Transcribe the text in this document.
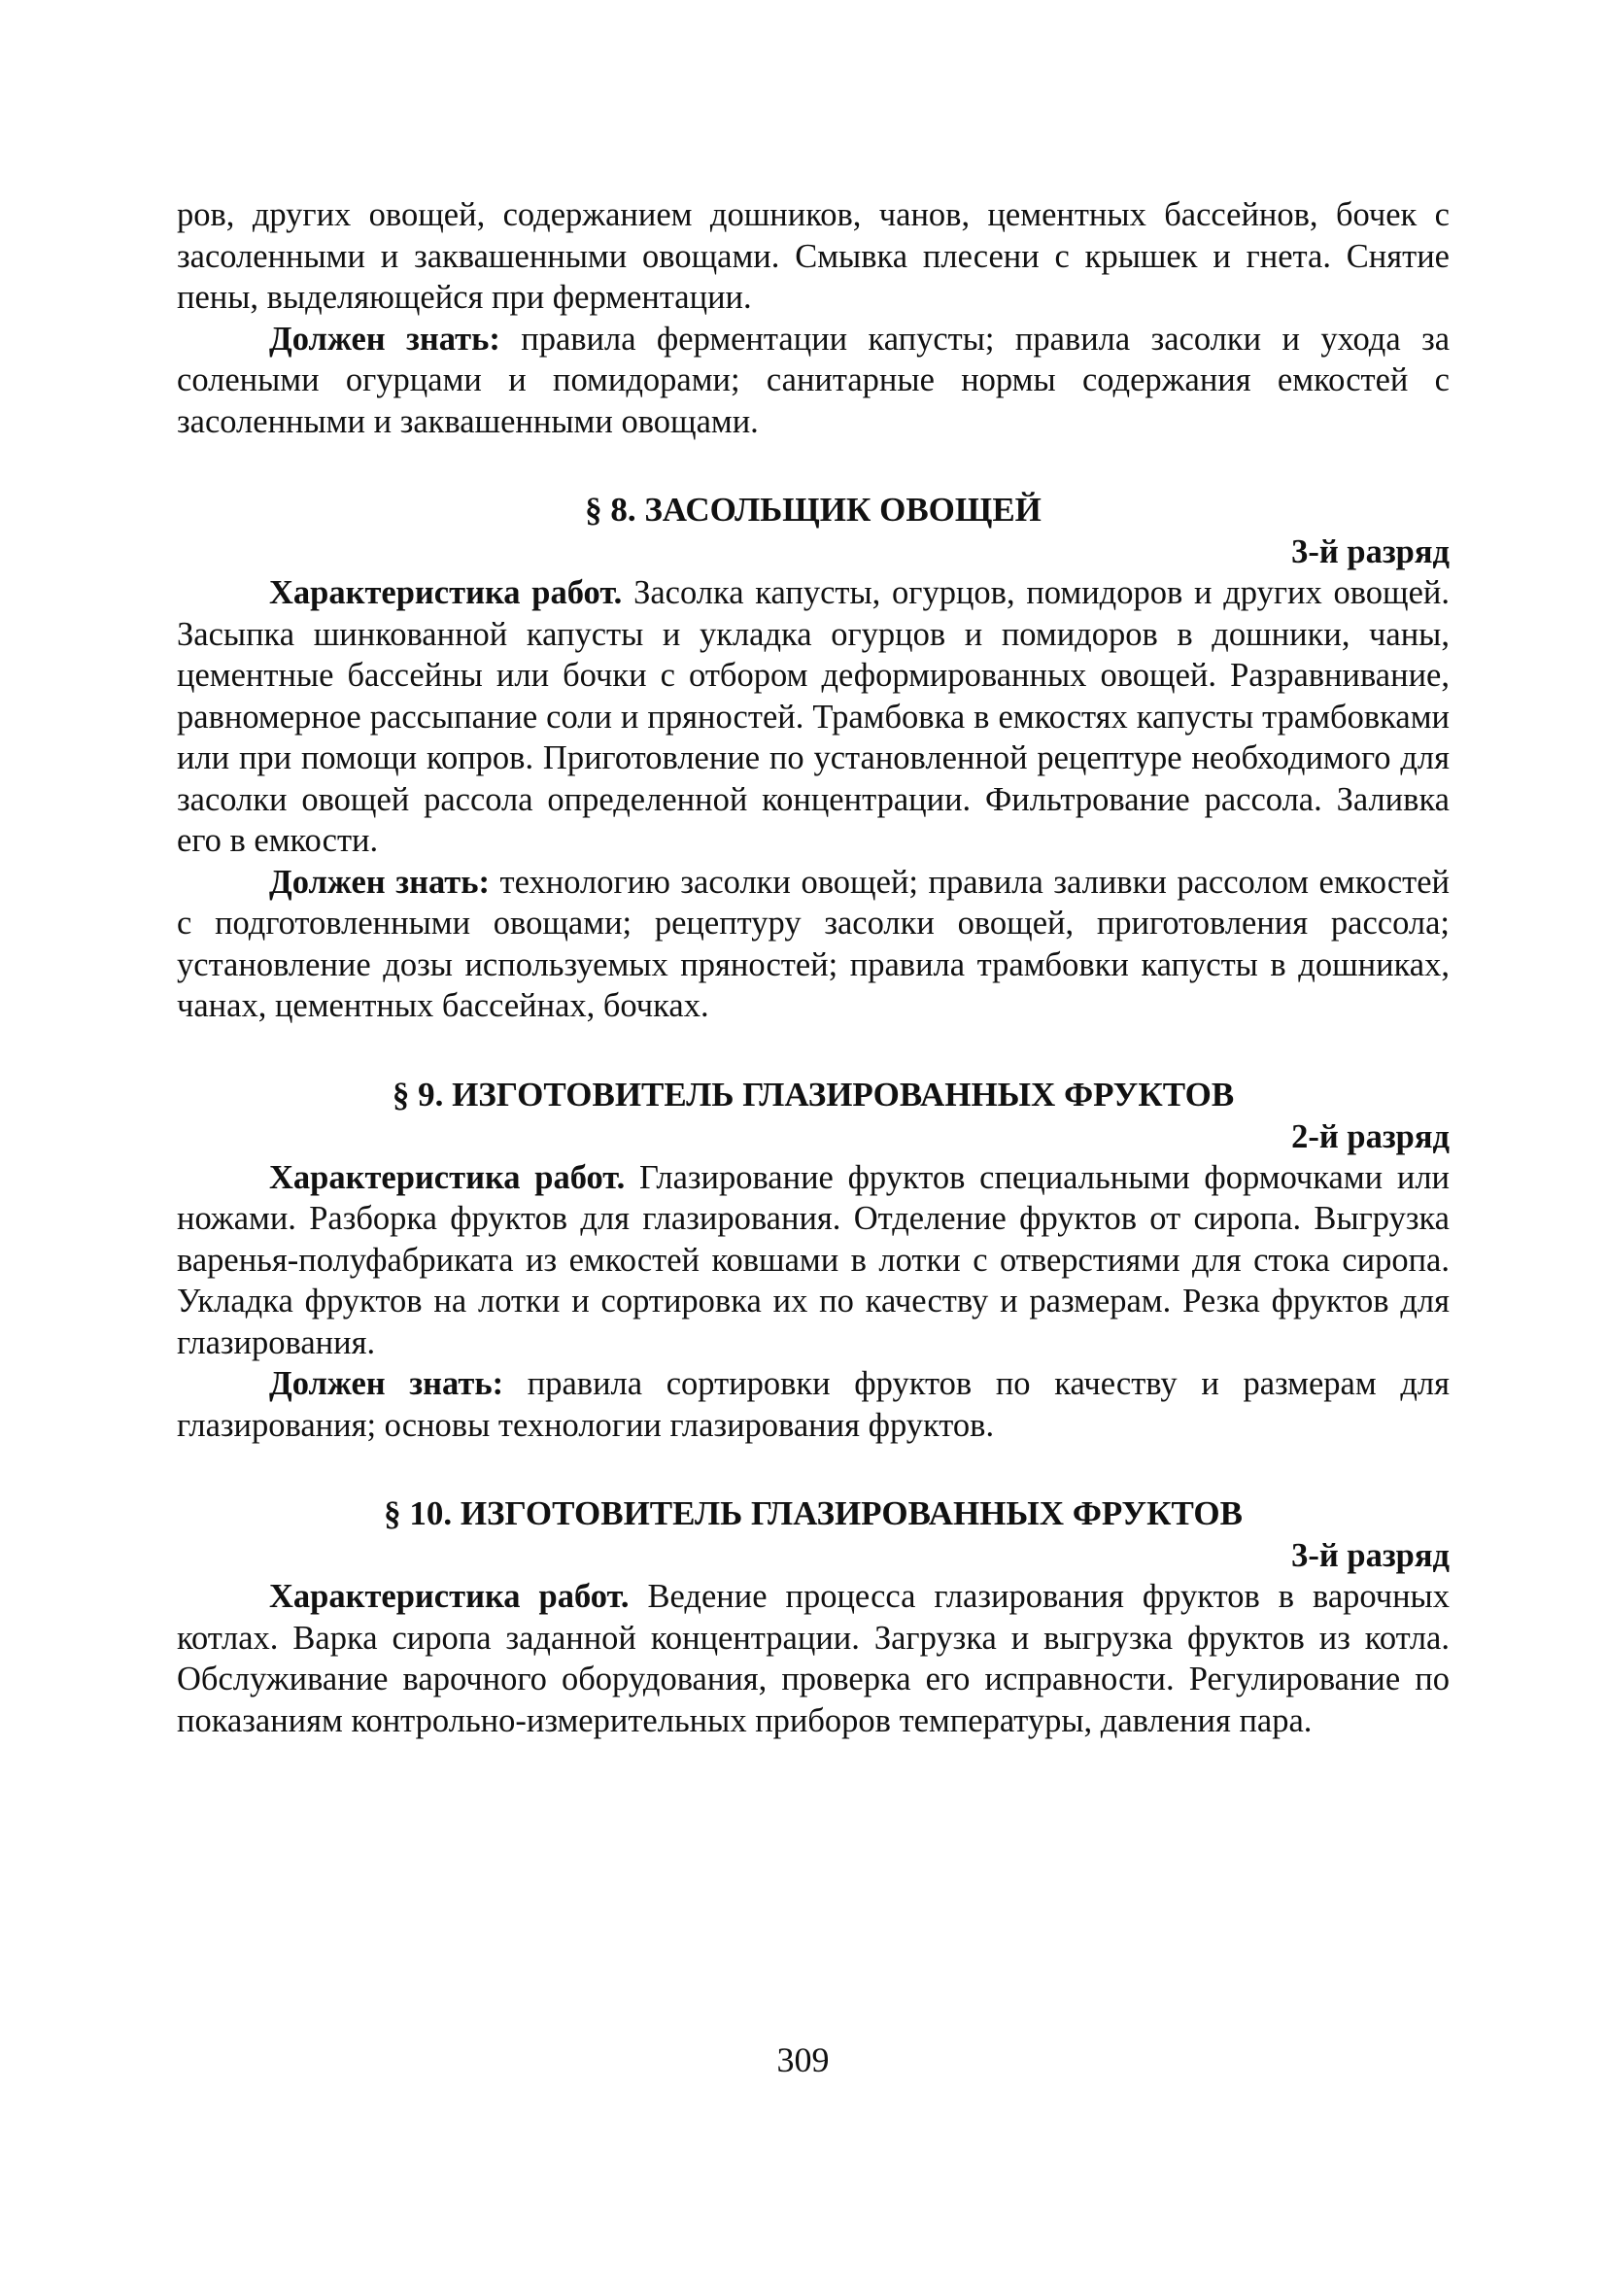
ров, других овощей, содержанием дошников, чанов, цементных бассейнов, бочек с засоленными и заквашенными овощами. Смывка плесени с крышек и гнета. Снятие пены, выделяющейся при ферментации.

Должен знать: правила ферментации капусты; правила засолки и ухода за солеными огурцами и помидорами; санитарные нормы содержания емкостей с засоленными и заквашенными овощами.

§ 8. ЗАСОЛЬЩИК ОВОЩЕЙ
3-й разряд

Характеристика работ. Засолка капусты, огурцов, помидоров и других овощей. Засыпка шинкованной капусты и укладка огурцов и помидоров в дошники, чаны, цементные бассейны или бочки с отбором деформированных овощей. Разравнивание, равномерное рассыпание соли и пряностей. Трамбовка в емкостях капусты трамбовками или при помощи копров. Приготовление по установленной рецептуре необходимого для засолки овощей рассола определенной концентрации. Фильтрование рассола. Заливка его в емкости.

Должен знать: технологию засолки овощей; правила заливки рассолом емкостей с подготовленными овощами; рецептуру засолки овощей, приготовления рассола; установление дозы используемых пряностей; правила трамбовки капусты в дошниках, чанах, цементных бассейнах, бочках.

§ 9. ИЗГОТОВИТЕЛЬ ГЛАЗИРОВАННЫХ ФРУКТОВ
2-й разряд

Характеристика работ. Глазирование фруктов специальными формочками или ножами. Разборка фруктов для глазирования. Отделение фруктов от сиропа. Выгрузка варенья-полуфабриката из емкостей ковшами в лотки с отверстиями для стока сиропа. Укладка фруктов на лотки и сортировка их по качеству и размерам. Резка фруктов для глазирования.

Должен знать: правила сортировки фруктов по качеству и размерам для глазирования; основы технологии глазирования фруктов.

§ 10. ИЗГОТОВИТЕЛЬ ГЛАЗИРОВАННЫХ ФРУКТОВ
3-й разряд

Характеристика работ. Ведение процесса глазирования фруктов в варочных котлах. Варка сиропа заданной концентрации. Загрузка и выгрузка фруктов из котла. Обслуживание варочного оборудования, проверка его исправности. Регулирование по показаниям контрольно-измерительных приборов температуры, давления пара.

309
